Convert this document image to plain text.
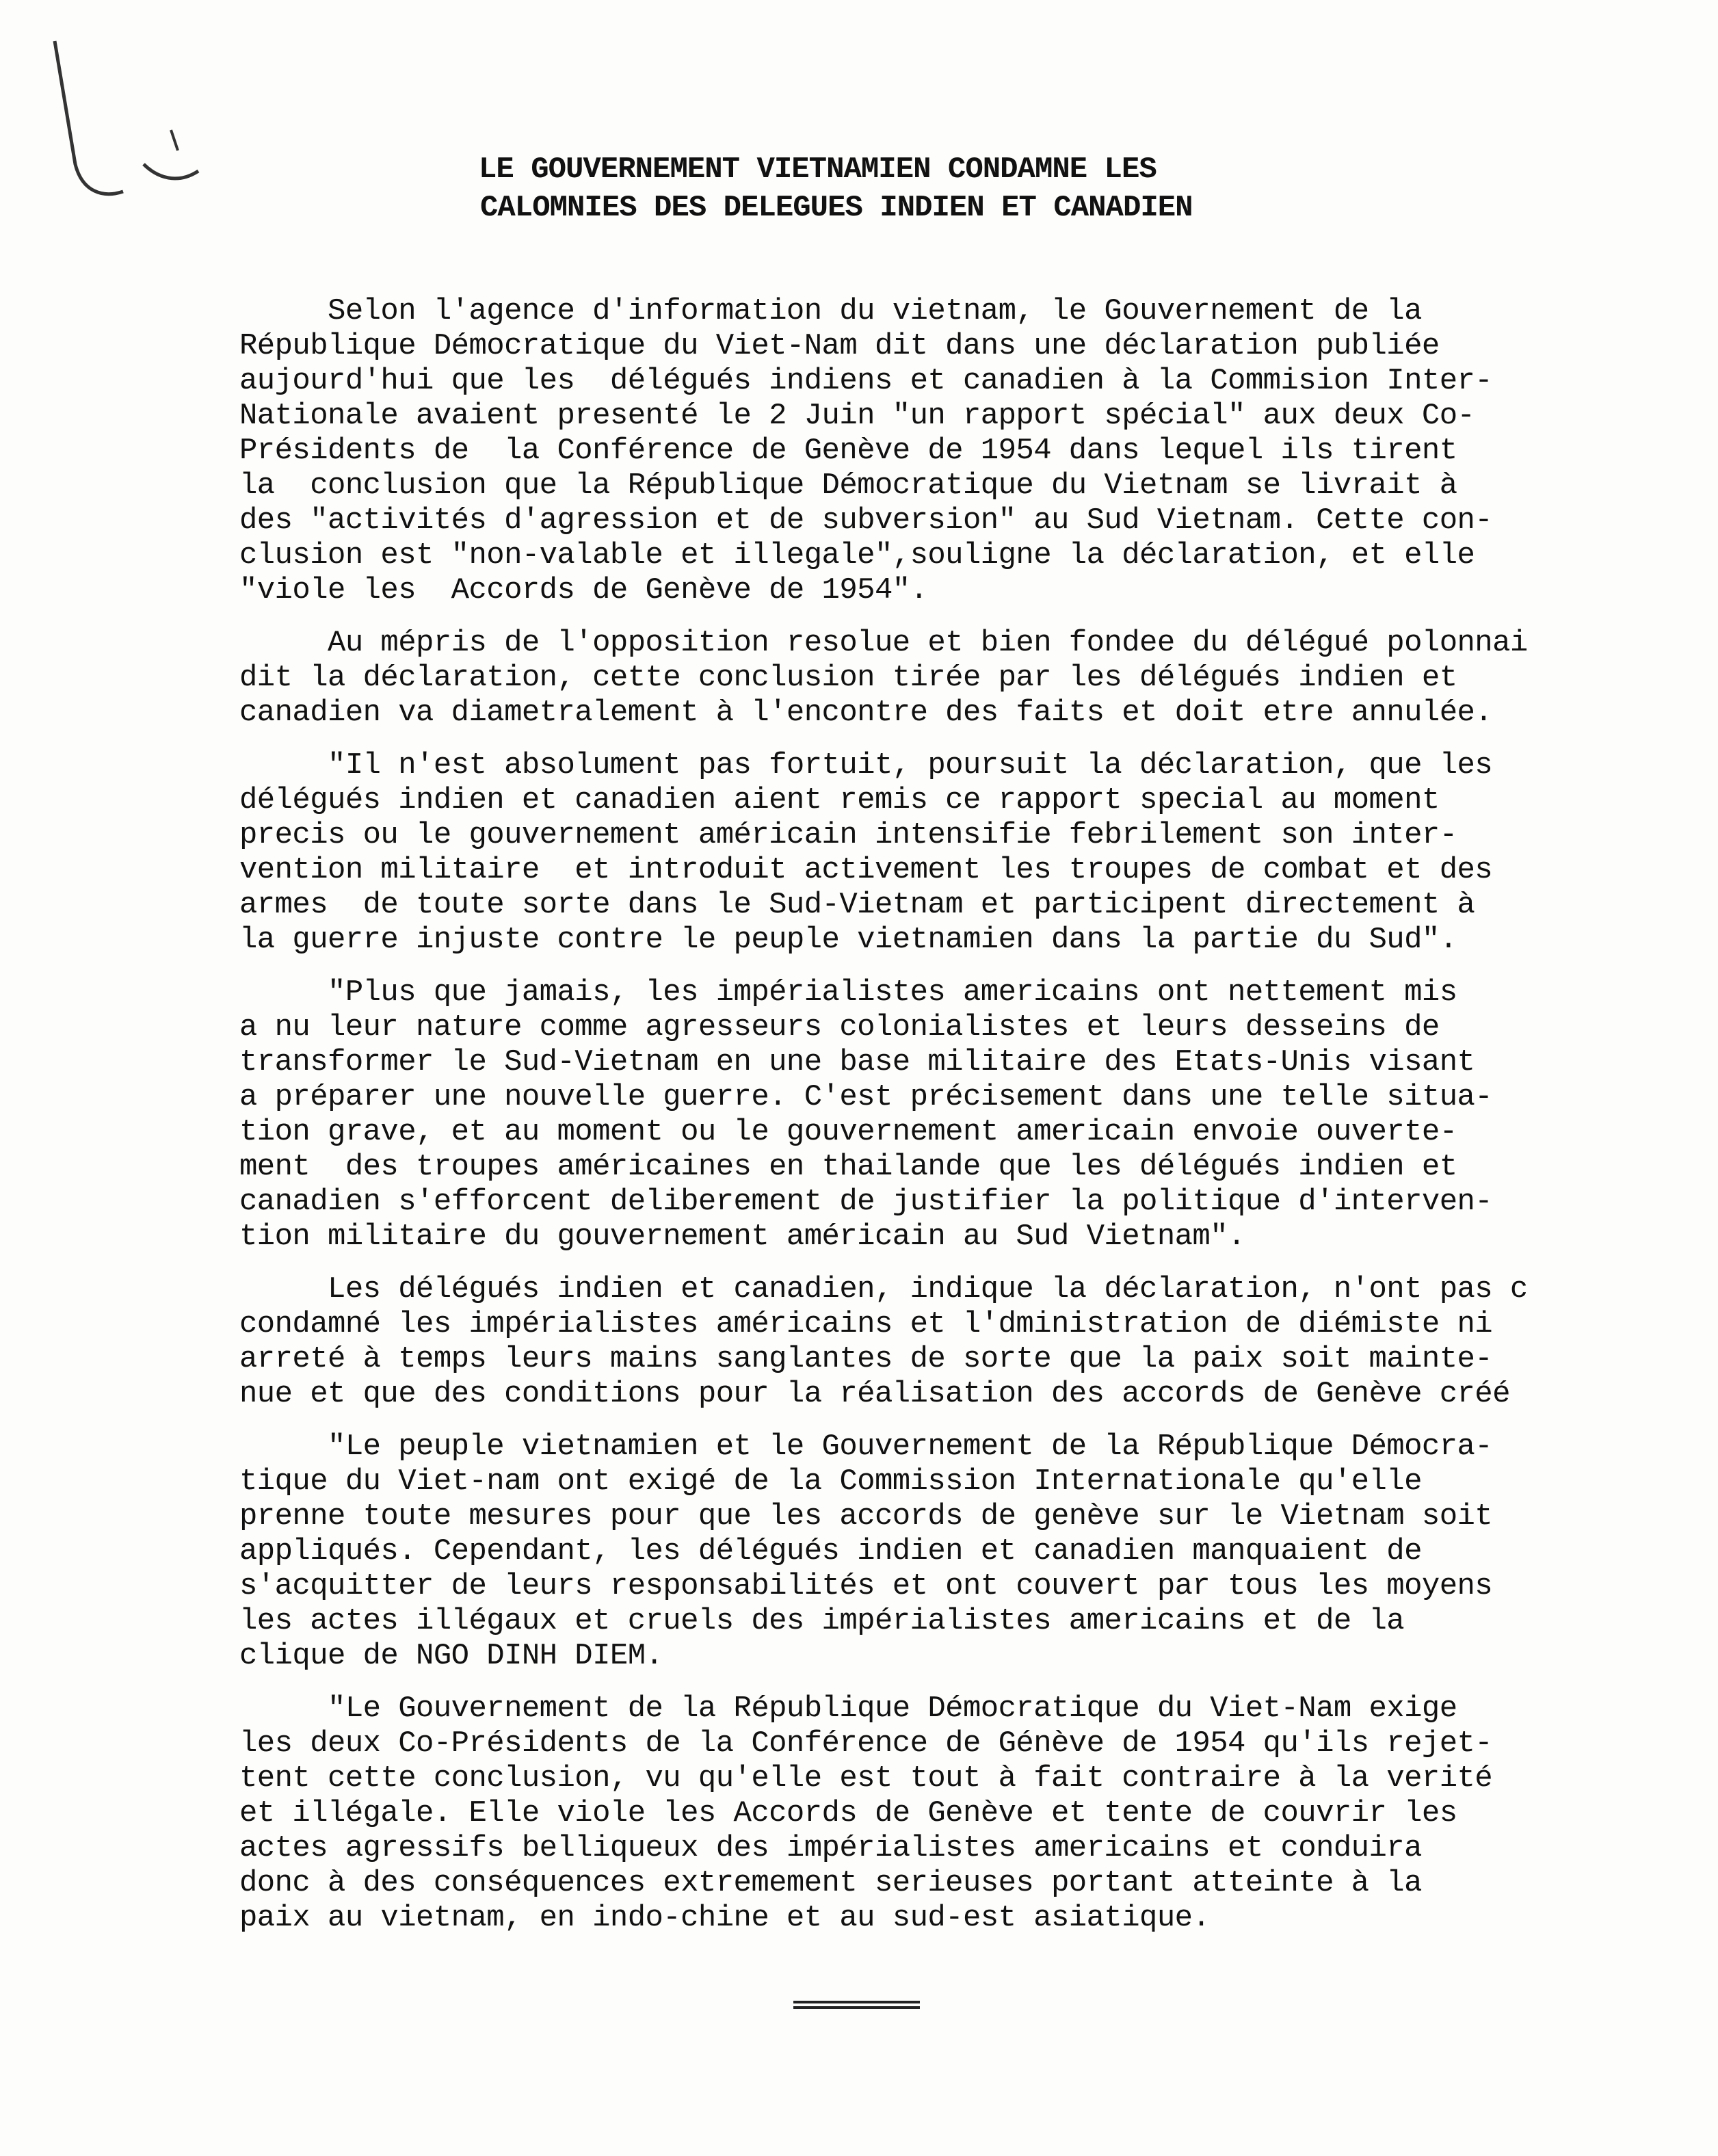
LE GOUVERNEMENT VIETNAMIEN CONDAMNE LES
CALOMNIES DES DELEGUES INDIEN ET CANADIEN
Selon l'agence d'information du vietnam, le Gouvernement de la
République Démocratique du Viet-Nam dit dans une déclaration publiée
aujourd'hui que les  délégués indiens et canadien à la Commision Inter-
Nationale avaient presenté le 2 Juin "un rapport spécial" aux deux Co-
Présidents de  la Conférence de Genève de 1954 dans lequel ils tirent
la  conclusion que la République Démocratique du Vietnam se livrait à
des "activités d'agression et de subversion" au Sud Vietnam. Cette con-
clusion est "non-valable et illegale",souligne la déclaration, et elle
"viole les  Accords de Genève de 1954".
Au mépris de l'opposition resolue et bien fondee du délégué polonnai
dit la déclaration, cette conclusion tirée par les délégués indien et
canadien va diametralement à l'encontre des faits et doit etre annulée.
"Il n'est absolument pas fortuit, poursuit la déclaration, que les
délégués indien et canadien aient remis ce rapport special au moment
precis ou le gouvernement américain intensifie febrilement son inter-
vention militaire  et introduit activement les troupes de combat et des
armes  de toute sorte dans le Sud-Vietnam et participent directement à
la guerre injuste contre le peuple vietnamien dans la partie du Sud".
"Plus que jamais, les impérialistes americains ont nettement mis
a nu leur nature comme agresseurs colonialistes et leurs desseins de
transformer le Sud-Vietnam en une base militaire des Etats-Unis visant
a préparer une nouvelle guerre. C'est précisement dans une telle situa-
tion grave, et au moment ou le gouvernement americain envoie ouverte-
ment  des troupes américaines en thailande que les délégués indien et
canadien s'efforcent deliberement de justifier la politique d'interven-
tion militaire du gouvernement américain au Sud Vietnam".
Les délégués indien et canadien, indique la déclaration, n'ont pas c
condamné les impérialistes américains et l'dministration de diémiste ni
arreté à temps leurs mains sanglantes de sorte que la paix soit mainte-
nue et que des conditions pour la réalisation des accords de Genève créé
"Le peuple vietnamien et le Gouvernement de la République Démocra-
tique du Viet-nam ont exigé de la Commission Internationale qu'elle
prenne toute mesures pour que les accords de genève sur le Vietnam soit
appliqués. Cependant, les délégués indien et canadien manquaient de
s'acquitter de leurs responsabilités et ont couvert par tous les moyens
les actes illégaux et cruels des impérialistes americains et de la
clique de NGO DINH DIEM.
"Le Gouvernement de la République Démocratique du Viet-Nam exige
les deux Co-Présidents de la Conférence de Génève de 1954 qu'ils rejet-
tent cette conclusion, vu qu'elle est tout à fait contraire à la verité
et illégale. Elle viole les Accords de Genève et tente de couvrir les
actes agressifs belliqueux des impérialistes americains et conduira
donc à des conséquences extremement serieuses portant atteinte à la
paix au vietnam, en indo-chine et au sud-est asiatique.
